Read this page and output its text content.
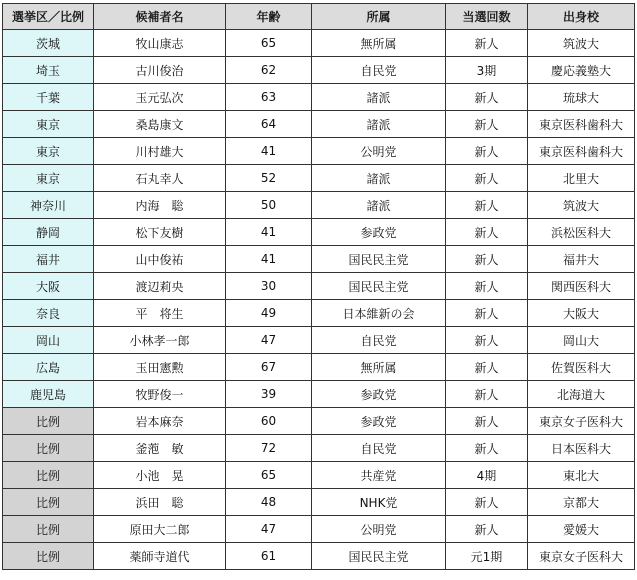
選挙区／比例	候補者名	年齢	所属	当選回数	出身校
茨城	牧山康志	65	無所属	新人	筑波大
埼玉	古川俊治	62	自民党	3期	慶応義塾大
千葉	玉元弘次	63	諸派	新人	琉球大
東京	桑島康文	64	諸派	新人	東京医科歯科大
東京	川村雄大	41	公明党	新人	東京医科歯科大
東京	石丸幸人	52	諸派	新人	北里大
神奈川	内海　聡	50	諸派	新人	筑波大
静岡	松下友樹	41	参政党	新人	浜松医科大
福井	山中俊祐	41	国民民主党	新人	福井大
大阪	渡辺莉央	30	国民民主党	新人	関西医科大
奈良	平　将生	49	日本維新の会	新人	大阪大
岡山	小林孝一郎	47	自民党	新人	岡山大
広島	玉田憲勲	67	無所属	新人	佐賀医科大
鹿児島	牧野俊一	39	参政党	新人	北海道大
比例	岩本麻奈	60	参政党	新人	東京女子医科大
比例	釜萢　敏	72	自民党	新人	日本医科大
比例	小池　晃	65	共産党	4期	東北大
比例	浜田　聡	48	NHK党	新人	京都大
比例	原田大二郎	47	公明党	新人	愛媛大
比例	薬師寺道代	61	国民民主党	元1期	東京女子医科大
